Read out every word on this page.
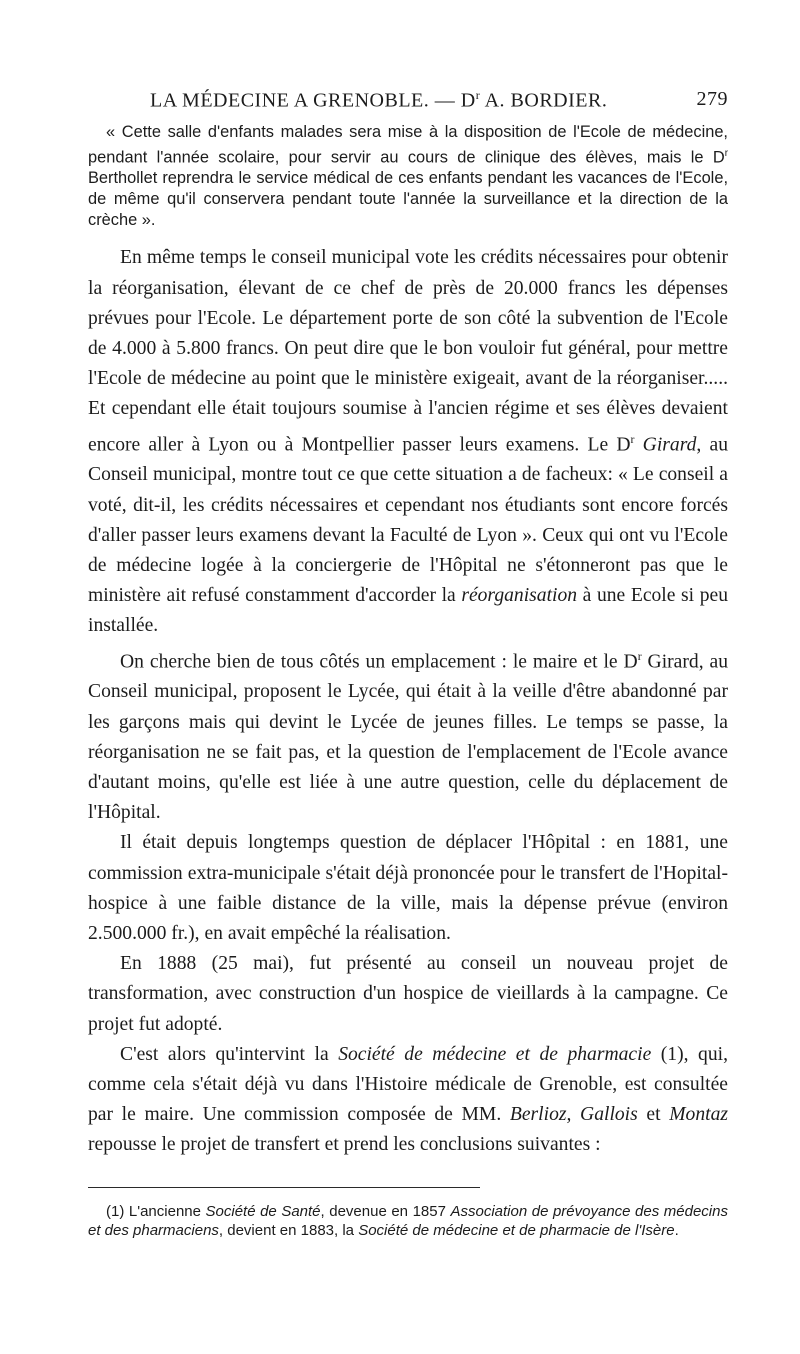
LA MÉDECINE A GRENOBLE. — $D^r$ A. BORDIER.	279

« Cette salle d'enfants malades sera mise à la disposition de l'Ecole de médecine, pendant l'année scolaire, pour servir au cours de clinique des élèves, mais le $D^r$ Berthollet reprendra le service médical de ces enfants pendant les vacances de l'Ecole, de même qu'il conservera pendant toute l'année la surveillance et la direction de la crèche ».

En même temps le conseil municipal vote les crédits nécessaires pour obtenir la réorganisation, élevant de ce chef de près de 20.000 francs les dépenses prévues pour l'Ecole. Le département porte de son côté la subvention de l'Ecole de 4.000 à 5.800 francs. On peut dire que le bon vouloir fut général, pour mettre l'Ecole de médecine au point que le ministère exigeait, avant de la réorganiser..... Et cependant elle était toujours soumise à l'ancien régime et ses élèves devaient encore aller à Lyon ou à Montpellier passer leurs examens. Le $D^r$ Girard, au Conseil municipal, montre tout ce que cette situation a de facheux: « Le conseil a voté, dit-il, les crédits nécessaires et cependant nos étudiants sont encore forcés d'aller passer leurs examens devant la Faculté de Lyon ». Ceux qui ont vu l'Ecole de médecine logée à la conciergerie de l'Hôpital ne s'étonneront pas que le ministère ait refusé constamment d'accorder la réorganisation à une Ecole si peu installée.

On cherche bien de tous côtés un emplacement : le maire et le $D^r$ Girard, au Conseil municipal, proposent le Lycée, qui était à la veille d'être abandonné par les garçons mais qui devint le Lycée de jeunes filles. Le temps se passe, la réorganisation ne se fait pas, et la question de l'emplacement de l'Ecole avance d'autant moins, qu'elle est liée à une autre question, celle du déplacement de l'Hôpital.

Il était depuis longtemps question de déplacer l'Hôpital : en 1881, une commission extra-municipale s'était déjà prononcée pour le transfert de l'Hopital-hospice à une faible distance de la ville, mais la dépense prévue (environ 2.500.000 fr.), en avait empêché la réalisation.

En 1888 (25 mai), fut présenté au conseil un nouveau projet de transformation, avec construction d'un hospice de vieillards à la campagne. Ce projet fut adopté.

C'est alors qu'intervint la Société de médecine et de pharmacie (1), qui, comme cela s'était déjà vu dans l'Histoire médicale de Grenoble, est consultée par le maire. Une commission composée de MM. Berlioz, Gallois et Montaz repousse le projet de transfert et prend les conclusions suivantes :

(1) L'ancienne Société de Santé, devenue en 1857 Association de prévoyance des médecins et des pharmaciens, devient en 1883, la Société de médecine et de pharmacie de l'Isère.
